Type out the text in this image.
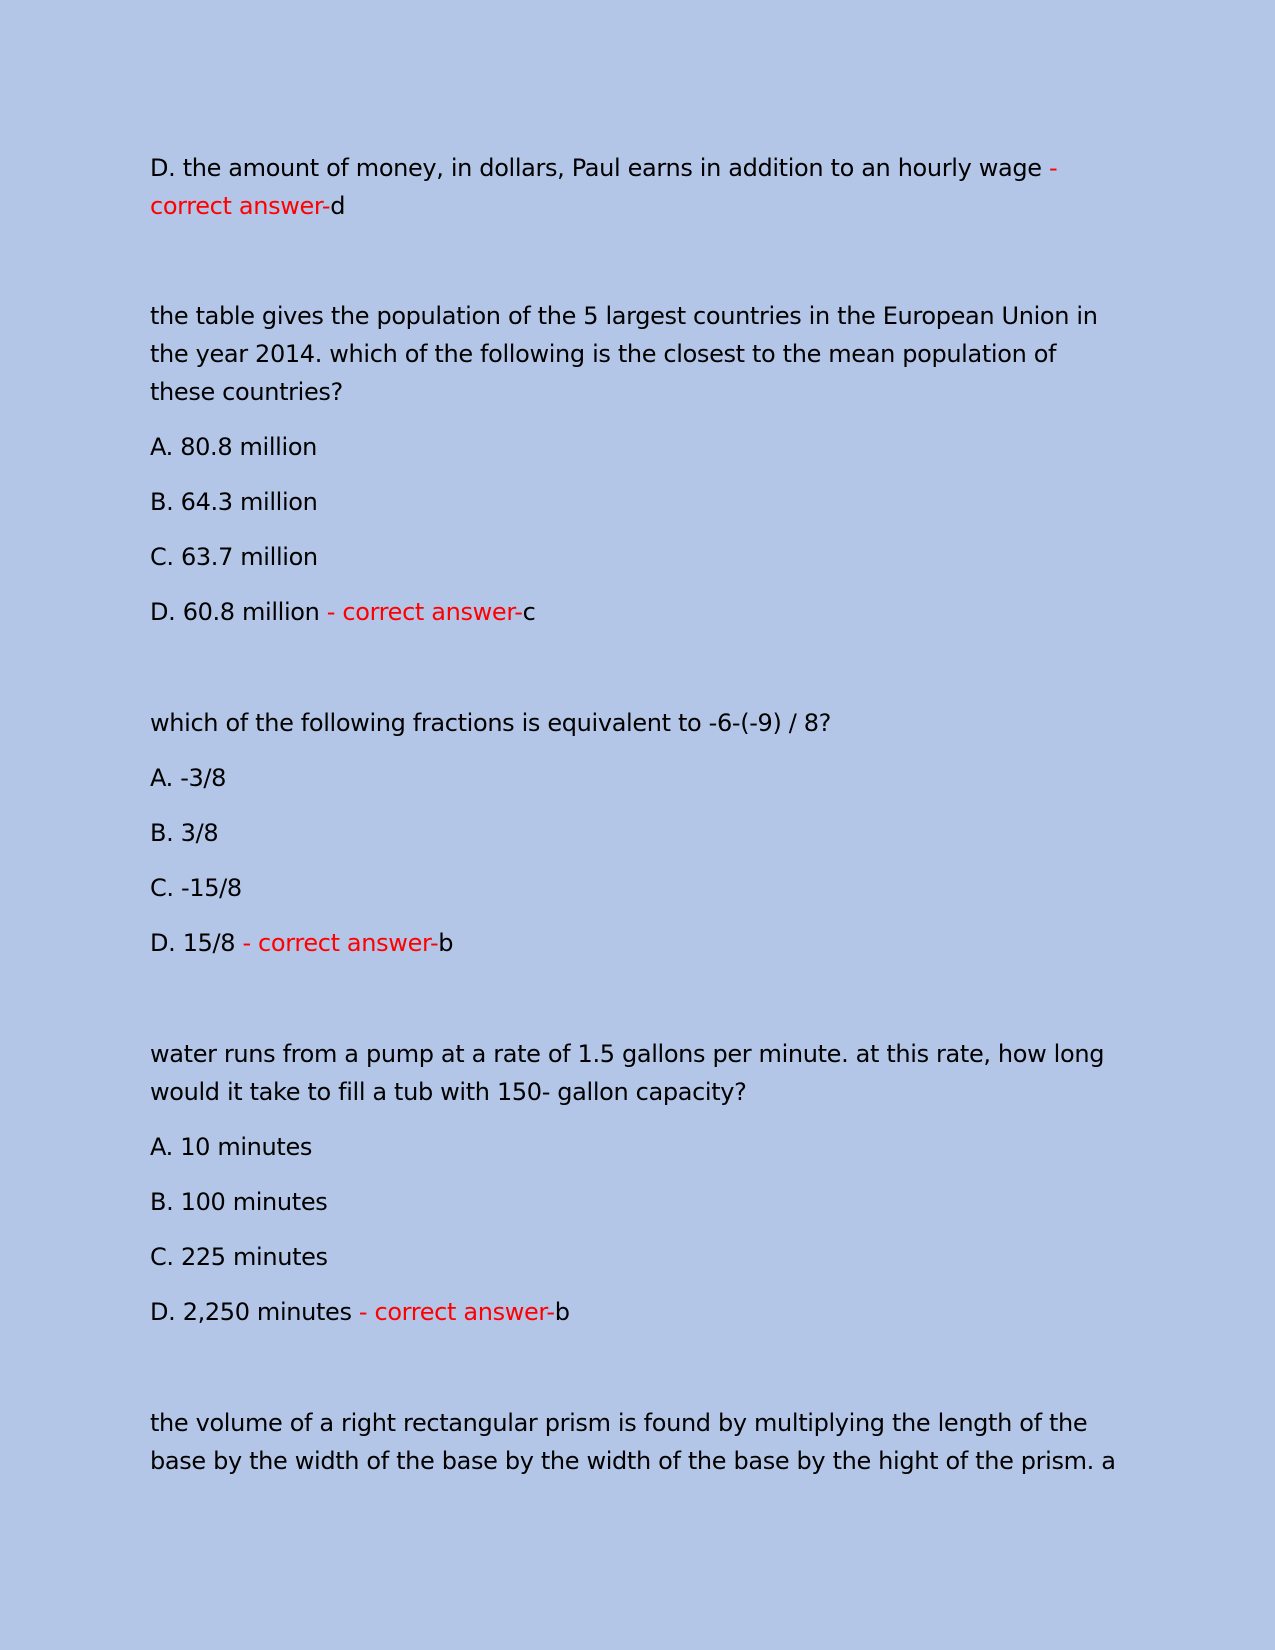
D. the amount of money, in dollars, Paul earns in addition to an hourly wage -

correct answer-d

the table gives the population of the 5 largest countries in the European Union in

the year 2014. which of the following is the closest to the mean population of

these countries?

A. 80.8 million

B. 64.3 million

C. 63.7 million

D. 60.8 million - correct answer-c

which of the following fractions is equivalent to -6-(-9) / 8?

A. -3/8

B. 3/8

C. -15/8

D. 15/8 - correct answer-b

water runs from a pump at a rate of 1.5 gallons per minute. at this rate, how long

would it take to fill a tub with 150- gallon capacity?

A. 10 minutes

B. 100 minutes

C. 225 minutes

D. 2,250 minutes - correct answer-b

the volume of a right rectangular prism is found by multiplying the length of the

base by the width of the base by the width of the base by the hight of the prism. a
